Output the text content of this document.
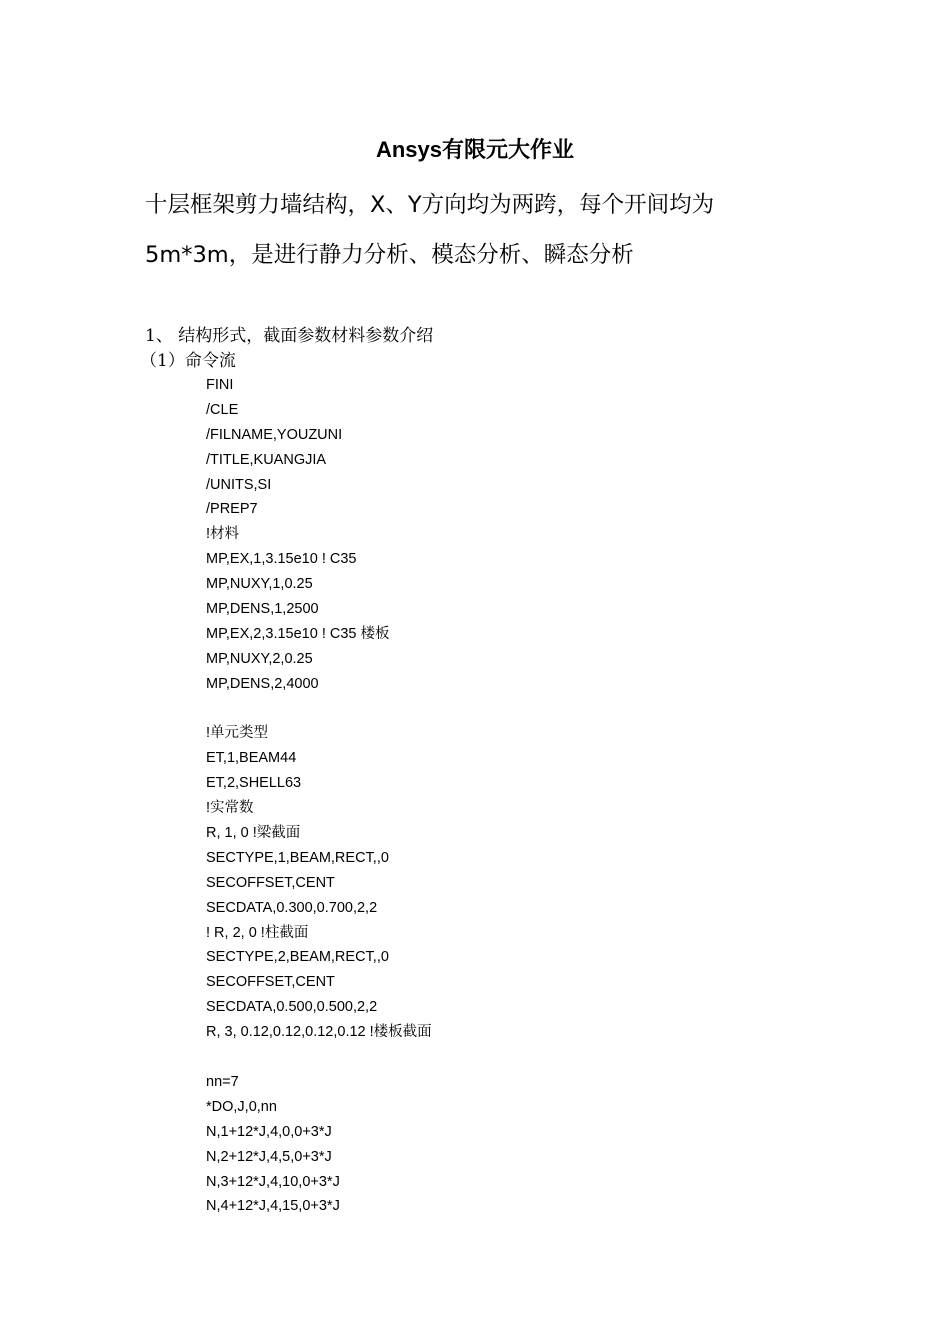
Ansys有限元大作业
十层框架剪力墙结构，X、Y方向均为两跨，每个开间均为
5m*3m，是进行静力分析、模态分析、瞬态分析
1、 结构形式，截面参数材料参数介绍
（1）命令流
FINI
/CLE
/FILNAME,YOUZUNI
/TITLE,KUANGJIA
/UNITS,SI
/PREP7
!材料
MP,EX,1,3.15e10 ! C35
MP,NUXY,1,0.25
MP,DENS,1,2500
MP,EX,2,3.15e10 ! C35 楼板
MP,NUXY,2,0.25
MP,DENS,2,4000
!单元类型
ET,1,BEAM44
ET,2,SHELL63
!实常数
R, 1, 0 !梁截面
SECTYPE,1,BEAM,RECT,,0
SECOFFSET,CENT
SECDATA,0.300,0.700,2,2
! R, 2, 0 !柱截面
SECTYPE,2,BEAM,RECT,,0
SECOFFSET,CENT
SECDATA,0.500,0.500,2,2
R, 3, 0.12,0.12,0.12,0.12 !楼板截面
nn=7
*DO,J,0,nn
N,1+12*J,4,0,0+3*J
N,2+12*J,4,5,0+3*J
N,3+12*J,4,10,0+3*J
N,4+12*J,4,15,0+3*J
